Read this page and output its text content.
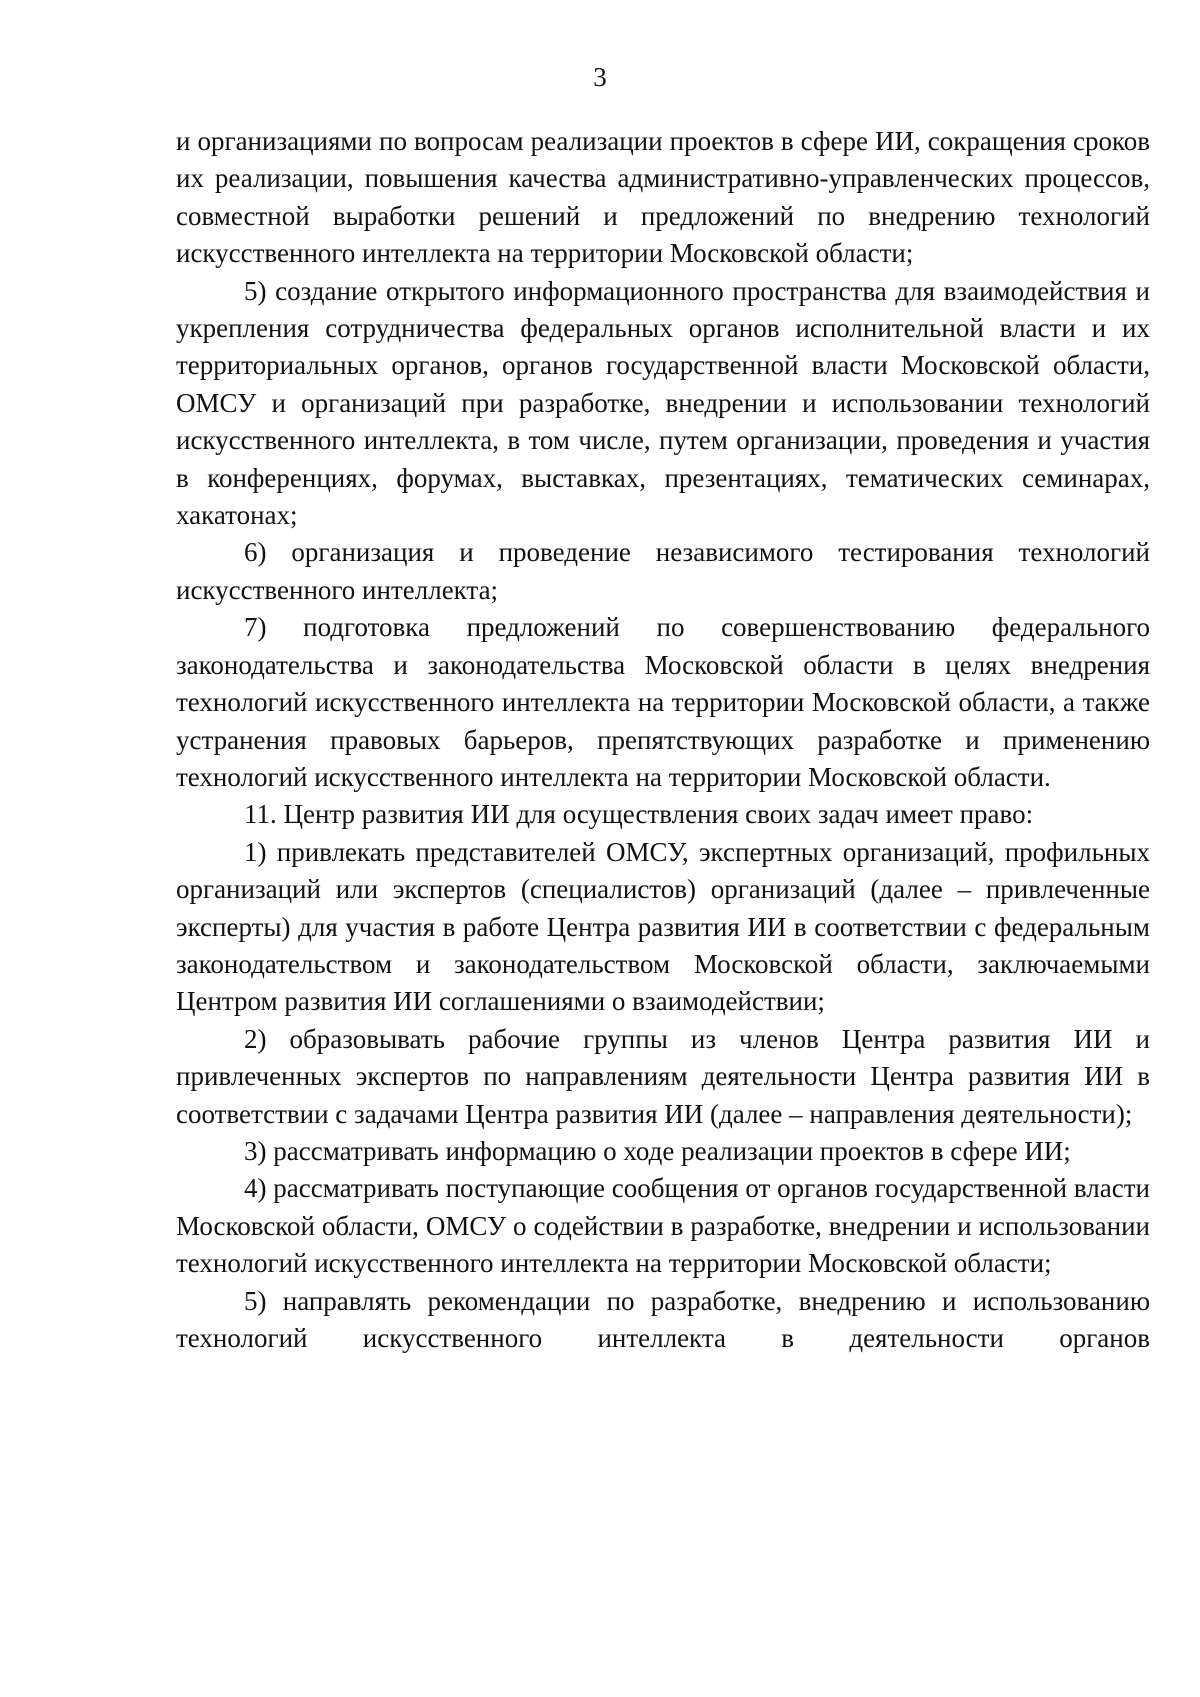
3

и организациями по вопросам реализации проектов в сфере ИИ, сокращения сроков их реализации, повышения качества административно-управленческих процессов, совместной выработки решений и предложений по внедрению технологий искусственного интеллекта на территории Московской области;

5) создание открытого информационного пространства для взаимодействия и укрепления сотрудничества федеральных органов исполнительной власти и их территориальных органов, органов государственной власти Московской области, ОМСУ и организаций при разработке, внедрении и использовании технологий искусственного интеллекта, в том числе, путем организации, проведения и участия в конференциях, форумах, выставках, презентациях, тематических семинарах, хакатонах;

6) организация и проведение независимого тестирования технологий искусственного интеллекта;

7) подготовка предложений по совершенствованию федерального законодательства и законодательства Московской области в целях внедрения технологий искусственного интеллекта на территории Московской области, а также устранения правовых барьеров, препятствующих разработке и применению технологий искусственного интеллекта на территории Московской области.

11. Центр развития ИИ для осуществления своих задач имеет право:

1) привлекать представителей ОМСУ, экспертных организаций, профильных организаций или экспертов (специалистов) организаций (далее – привлеченные эксперты) для участия в работе Центра развития ИИ в соответствии с федеральным законодательством и законодательством Московской области, заключаемыми Центром развития ИИ соглашениями о взаимодействии;

2) образовывать рабочие группы из членов Центра развития ИИ и привлеченных экспертов по направлениям деятельности Центра развития ИИ в соответствии с задачами Центра развития ИИ (далее – направления деятельности);

3) рассматривать информацию о ходе реализации проектов в сфере ИИ;

4) рассматривать поступающие сообщения от органов государственной власти Московской области, ОМСУ о содействии в разработке, внедрении и использовании технологий искусственного интеллекта на территории Московской области;

5) направлять рекомендации по разработке, внедрению и использованию технологий искусственного интеллекта в деятельности органов
